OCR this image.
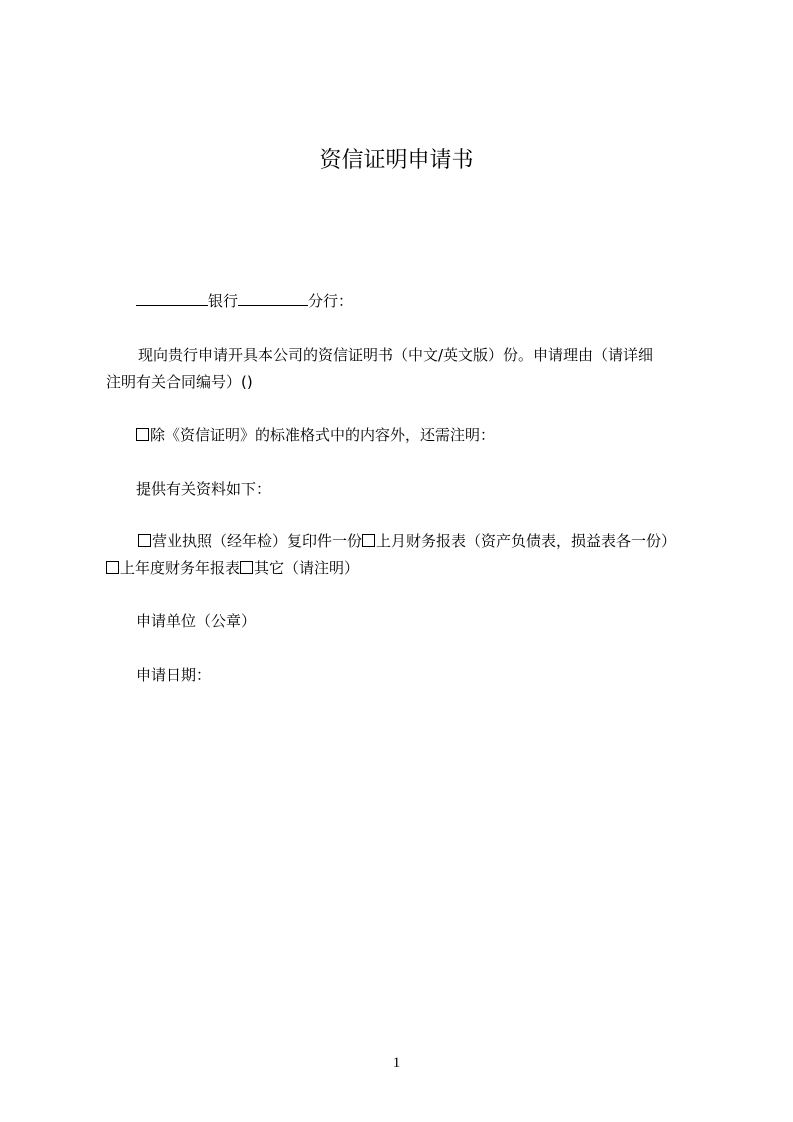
资信证明申请书
银行	分行：
现向贵行申请开具本公司的资信证明书（中文/英文版）份。申请理由（请详细
注明有关合同编号）()
除《资信证明》的标准格式中的内容外，还需注明：
提供有关资料如下：
营业执照（经年检）复印件一份 上月财务报表（资产负债表，损益表各一份）
上年度财务年报表 其它（请注明）
申请单位（公章）
申请日期：
1
